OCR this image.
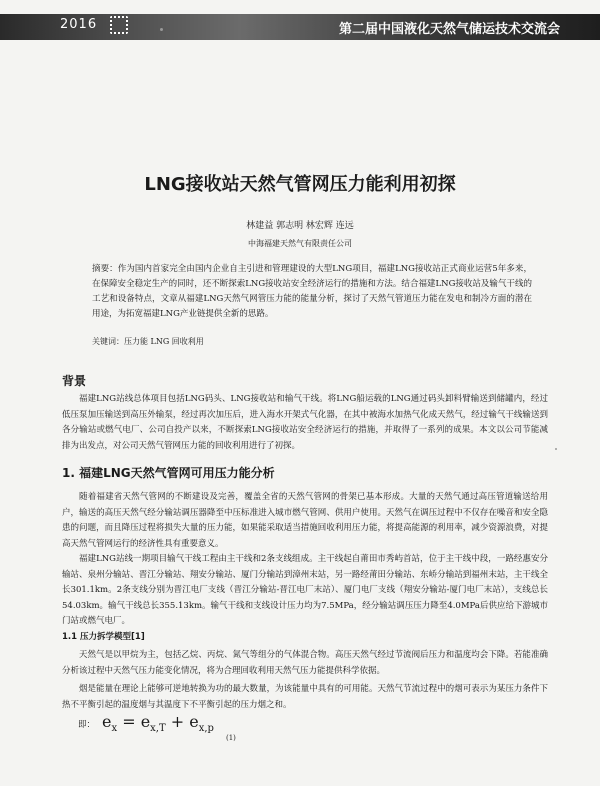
2016	第二届中国液化天然气储运技术交流会
LNG接收站天然气管网压力能利用初探
林建益 郭志明 林宏辉 连远
中海福建天然气有限责任公司
摘要：作为国内首家完全由国内企业自主引进和管理建设的大型LNG项目，福建LNG接收站正式商业运营5年多来，在保障安全稳定生产的同时，还不断探索LNG接收站安全经济运行的措施和方法。结合福建LNG接收站及输气干线的工艺和设备特点，文章从福建LNG天然气网管压力能的能量分析，探讨了天然气管道压力能在发电和制冷方面的潜在用途，为拓宽福建LNG产业链提供全新的思路。
关键词：压力能 LNG 回收利用
背景
福建LNG站线总体项目包括LNG码头、LNG接收站和输气干线。将LNG船运载的LNG通过码头卸料臂输送到储罐内，经过低压泵加压输送到高压外输泵，经过再次加压后，进入海水开架式气化器，在其中被海水加热气化成天然气，经过输气干线输送到各分输站或燃气电厂、公司自投产以来，不断探索LNG接收站安全经济运行的措施，并取得了一系列的成果。本文以公司节能减排为出发点，对公司天然气管网压力能的回收利用进行了初探。
1. 福建LNG天然气管网可用压力能分析
随着福建省天然气管网的不断建设及完善，覆盖全省的天然气管网的骨架已基本形成。大量的天然气通过高压管道输送给用户，输送的高压天然气经分输站调压器降至中压标准进入城市燃气管网、供用户使用。天然气在调压过程中不仅存在噪音和安全隐患的问题，而且降压过程将损失大量的压力能，如果能采取适当措施回收利用压力能，将提高能源的利用率，减少资源浪费，对提高天然气管网运行的经济性具有重要意义。
福建LNG站线一期项目输气干线工程由主干线和2条支线组成。主干线起自莆田市秀屿首站，位于主干线中段，一路经惠安分输站、泉州分输站、晋江分输站、翔安分输站、厦门分输站到漳州末站，另一路经莆田分输站、东峤分输站到福州末站，主干线全长301.1km。2条支线分别为晋江电厂支线（晋江分输站-晋江电厂末站）、厦门电厂支线（翔安分输站-厦门电厂末站），支线总长54.03km。输气干线总长355.13km。输气干线和支线设计压力均为7.5MPa，经分输站调压压力降至4.0MPa后供应给下游城市门站或燃气电厂。
1.1 压力拆学模型[1]
天然气是以甲烷为主，包括乙烷、丙烷、氮气等组分的气体混合物。高压天然气经过节流阀后压力和温度均会下降。若能准确分析该过程中天然气压力能变化情况，将为合理回收利用天然气压力能提供科学依据。
烟是能量在理论上能够可逆地转换为功的最大数量，为该能量中具有的可用能。天然气节流过程中的烟可表示为某压力条件下热不平衡引起的温度烟与其温度下不平衡引起的压力烟之和。
即： $e_x = e_{x,T} + e_{x,p}$
(1)
